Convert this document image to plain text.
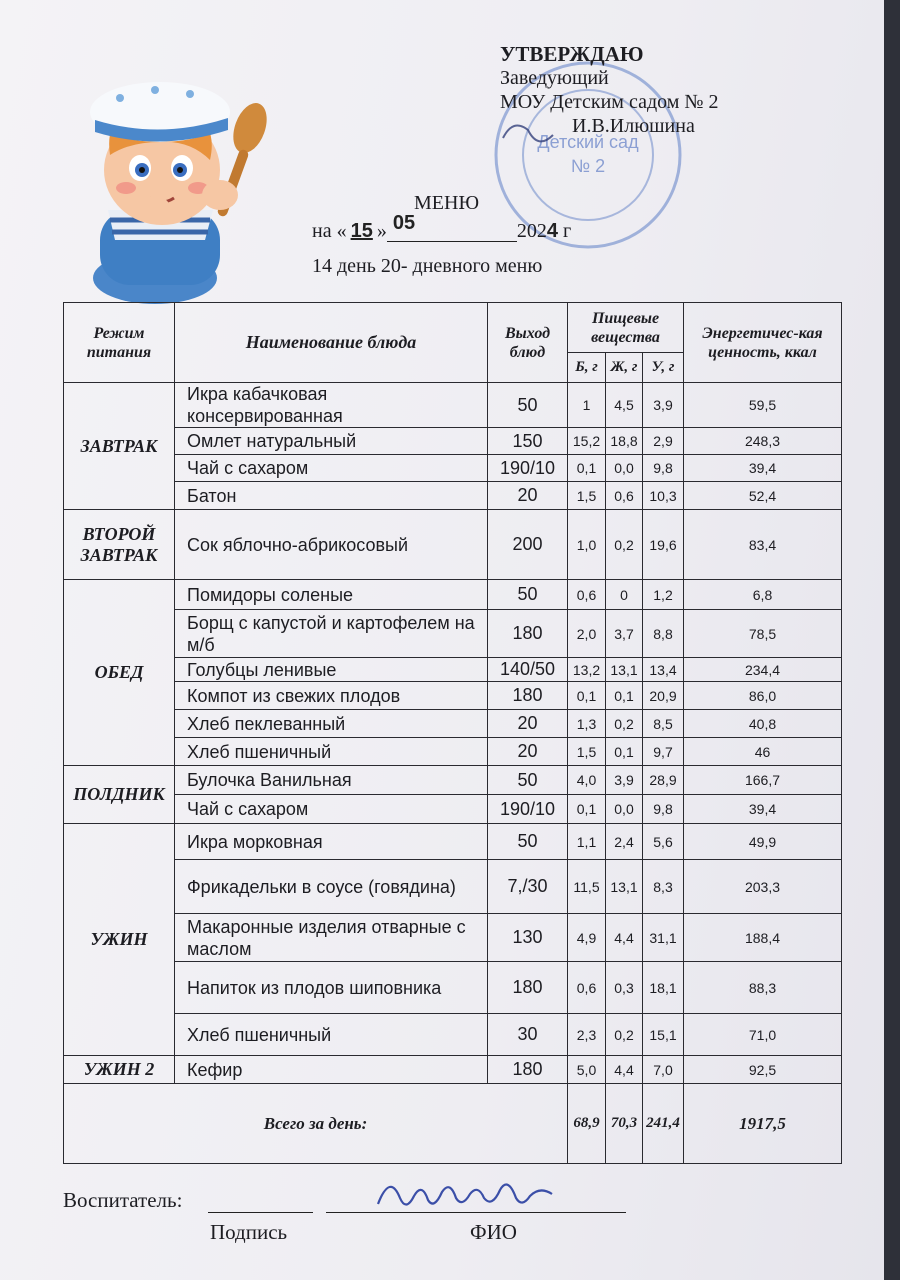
Детский сад
№ 2
УТВЕРЖДАЮ
Заведующий
МОУ Детским садом № 2
И.В.Илюшина
МЕНЮ
на « 15 » 05	2024 г
14 день 20- дневного меню
Режим питания	Наименование блюда	Выход блюд	Пищевые вещества			Энергетичес-кая ценность, ккал
			Б, г	Ж, г	У, г	
ЗАВТРАК	Икра кабачковая консервированная	50	1	4,5	3,9	59,5
	Омлет натуральный	150	15,2	18,8	2,9	248,3
	Чай с сахаром	190/10	0,1	0,0	9,8	39,4
	Батон	20	1,5	0,6	10,3	52,4
ВТОРОЙ ЗАВТРАК	Сок яблочно-абрикосовый	200	1,0	0,2	19,6	83,4
ОБЕД	Помидоры соленые	50	0,6	0	1,2	6,8
	Борщ с капустой и картофелем на м/б	180	2,0	3,7	8,8	78,5
	Голубцы ленивые	140/50	13,2	13,1	13,4	234,4
	Компот из свежих плодов	180	0,1	0,1	20,9	86,0
	Хлеб пеклеванный	20	1,3	0,2	8,5	40,8
	Хлеб пшеничный	20	1,5	0,1	9,7	46
ПОЛДНИК	Булочка Ванильная	50	4,0	3,9	28,9	166,7
	Чай с сахаром	190/10	0,1	0,0	9,8	39,4
УЖИН	Икра морковная	50	1,1	2,4	5,6	49,9
	Фрикадельки в соусе (говядина)	7,/30	11,5	13,1	8,3	203,3
	Макаронные изделия отварные с маслом	130	4,9	4,4	31,1	188,4
	Напиток из плодов шиповника	180	0,6	0,3	18,1	88,3
	Хлеб пшеничный	30	2,3	0,2	15,1	71,0
УЖИН 2	Кефир	180	5,0	4,4	7,0	92,5
Всего за день:			68,9	70,3	241,4	1917,5
Воспитатель:
Подпись	ФИО
